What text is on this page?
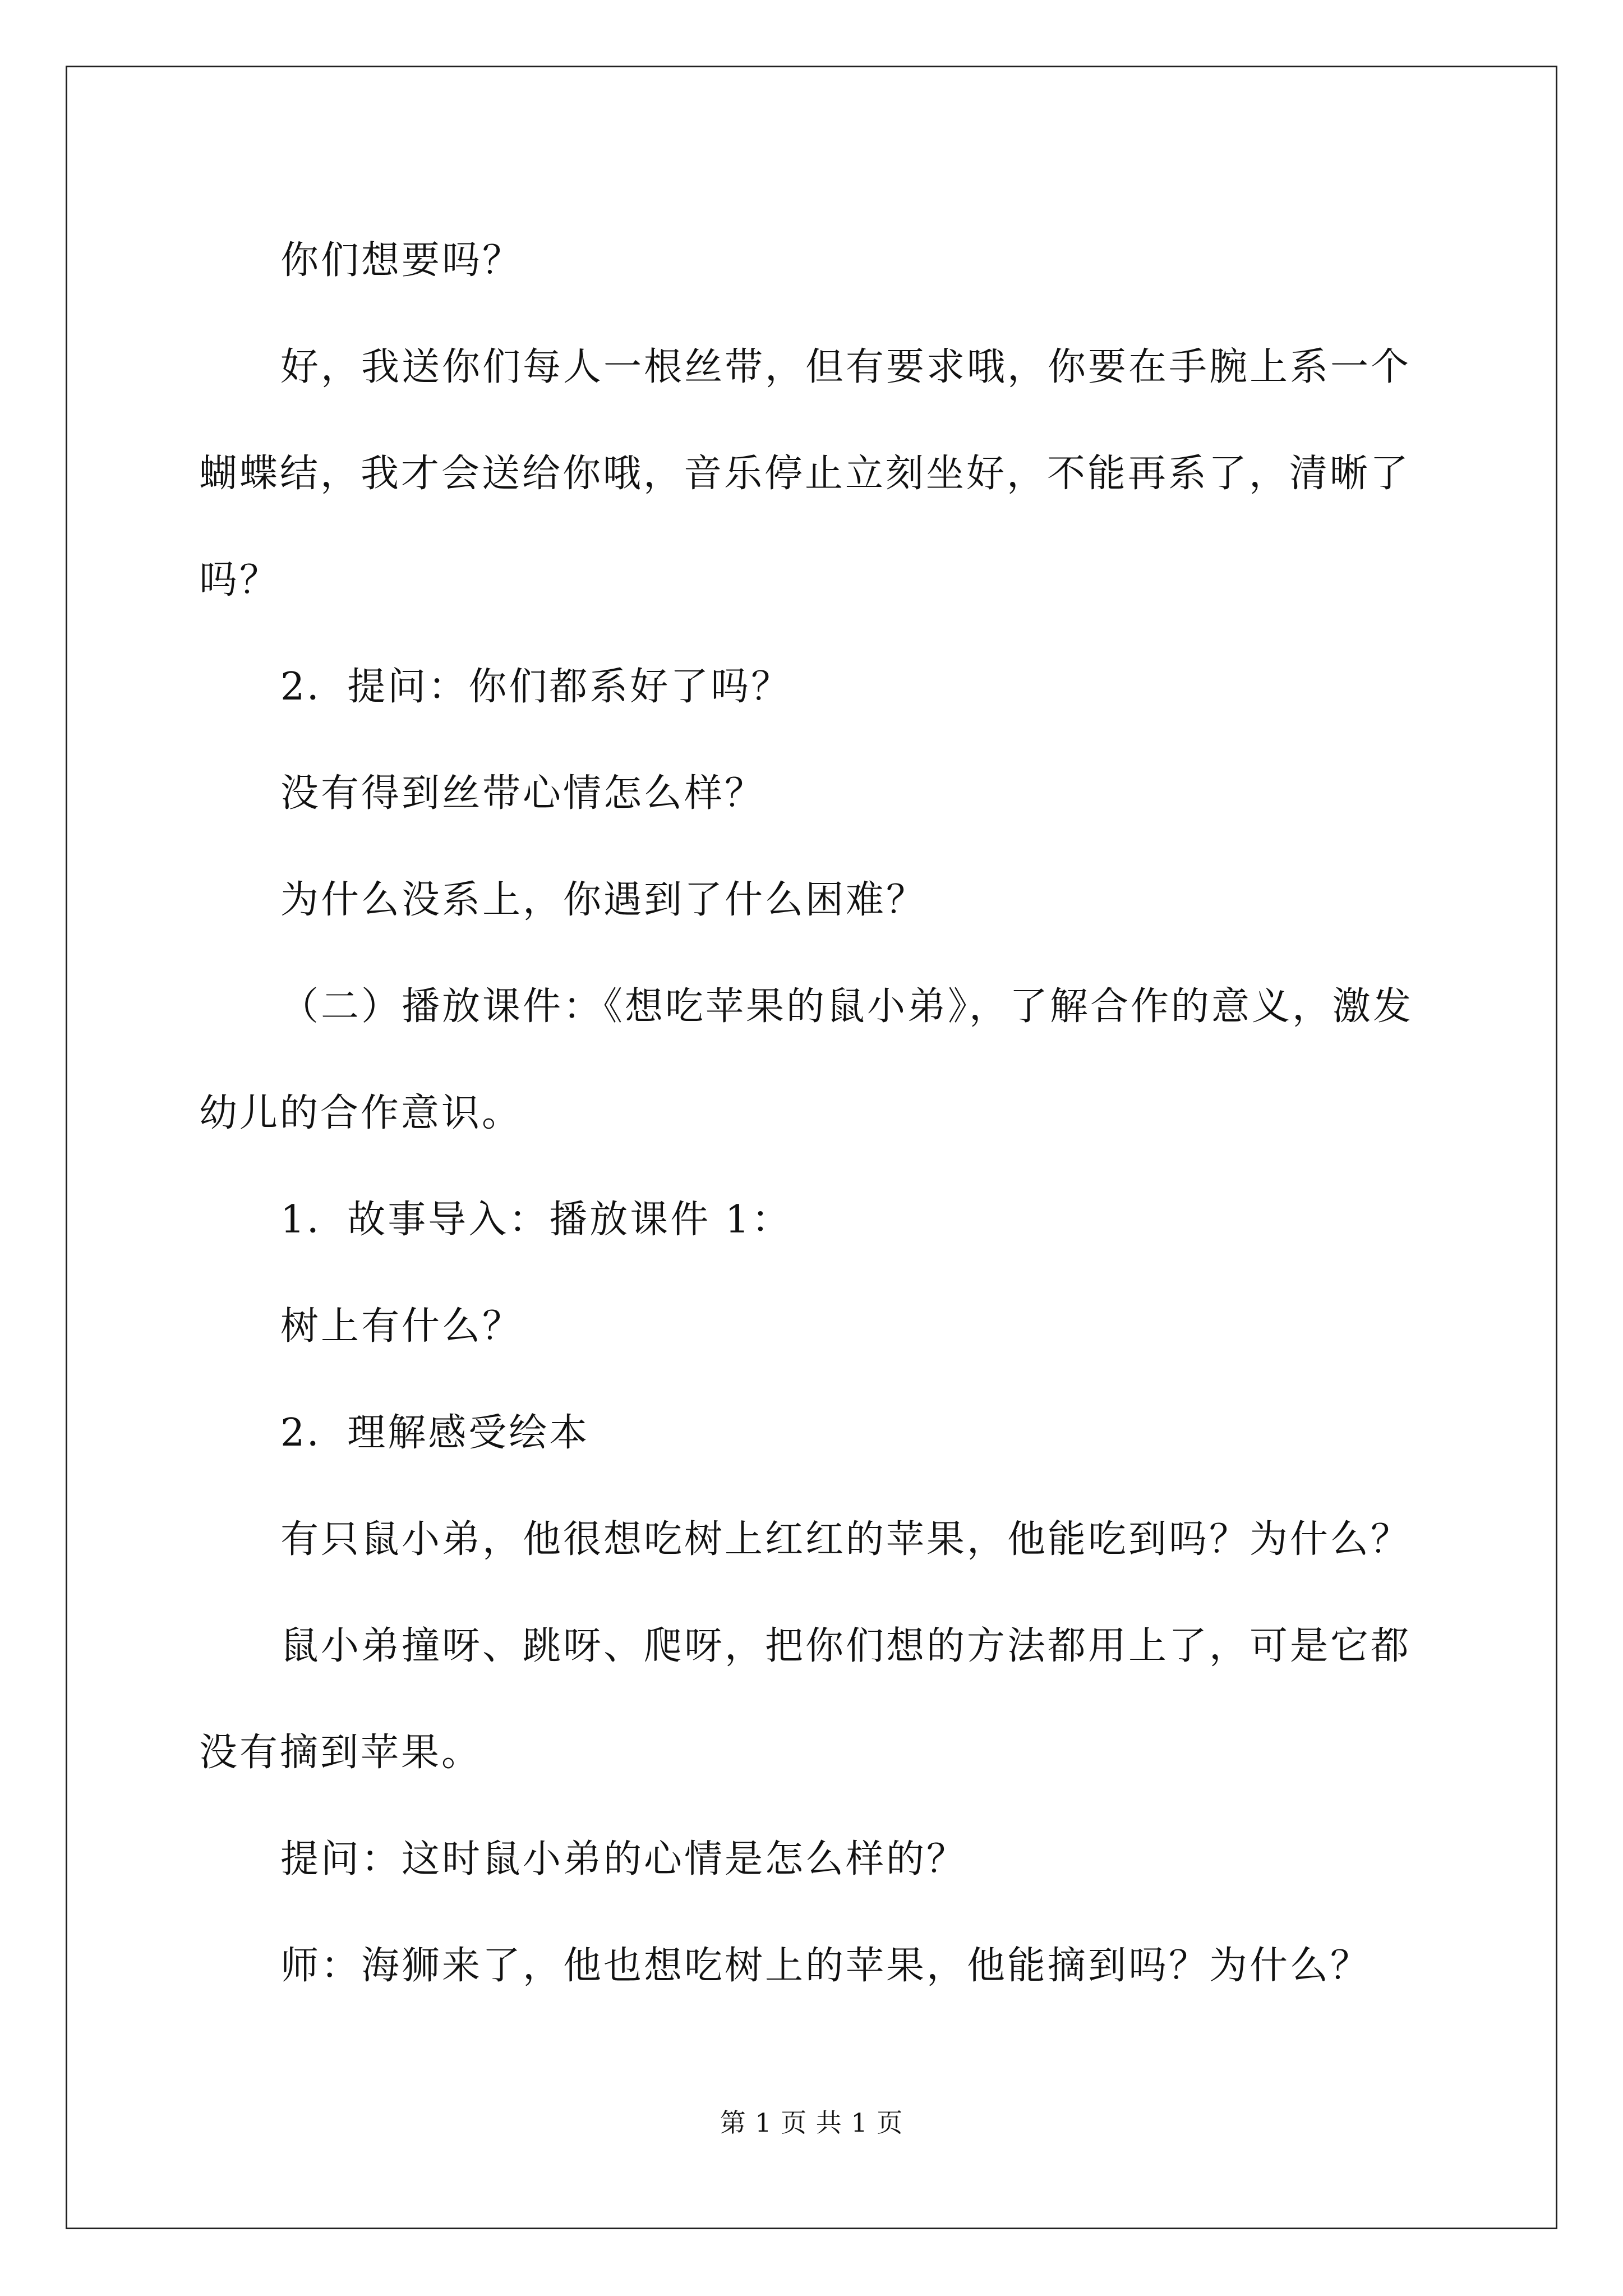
你们想要吗？

好，我送你们每人一根丝带，但有要求哦，你要在手腕上系一个蝴蝶结，我才会送给你哦，音乐停止立刻坐好，不能再系了，清晰了吗？

2．提问：你们都系好了吗？

没有得到丝带心情怎么样？

为什么没系上，你遇到了什么困难？

（二）播放课件：《想吃苹果的鼠小弟》，了解合作的意义，激发幼儿的合作意识。

1．故事导入：播放课件 1：

树上有什么？

2．理解感受绘本

有只鼠小弟，他很想吃树上红红的苹果，他能吃到吗？为什么？

鼠小弟撞呀、跳呀、爬呀，把你们想的方法都用上了，可是它都没有摘到苹果。

提问：这时鼠小弟的心情是怎么样的？

师：海狮来了，他也想吃树上的苹果，他能摘到吗？为什么？

第 1 页 共 1 页
